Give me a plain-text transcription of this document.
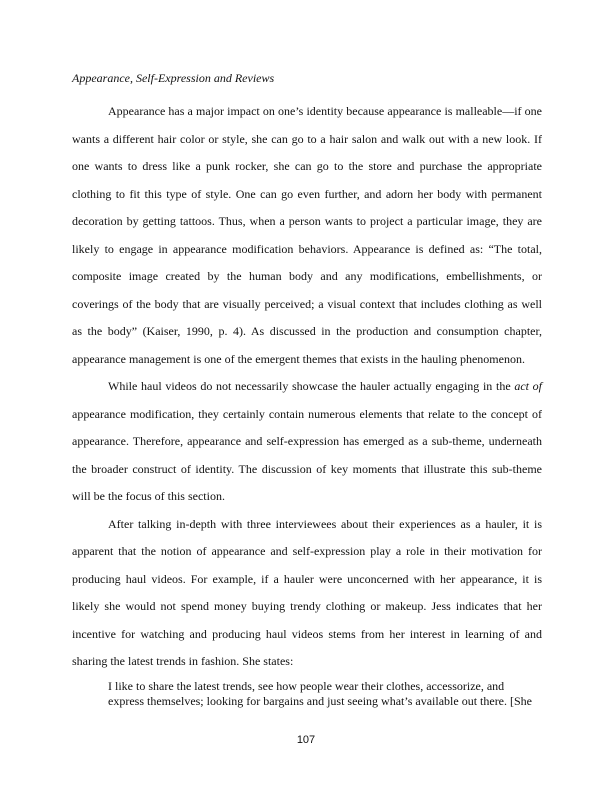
Appearance, Self-Expression and Reviews

Appearance has a major impact on one’s identity because appearance is malleable—if one wants a different hair color or style, she can go to a hair salon and walk out with a new look. If one wants to dress like a punk rocker, she can go to the store and purchase the appropriate clothing to fit this type of style. One can go even further, and adorn her body with permanent decoration by getting tattoos. Thus, when a person wants to project a particular image, they are likely to engage in appearance modification behaviors. Appearance is defined as: “The total, composite image created by the human body and any modifications, embellishments, or coverings of the body that are visually perceived; a visual context that includes clothing as well as the body” (Kaiser, 1990, p. 4). As discussed in the production and consumption chapter, appearance management is one of the emergent themes that exists in the hauling phenomenon.

While haul videos do not necessarily showcase the hauler actually engaging in the act of appearance modification, they certainly contain numerous elements that relate to the concept of appearance. Therefore, appearance and self-expression has emerged as a sub-theme, underneath the broader construct of identity. The discussion of key moments that illustrate this sub-theme will be the focus of this section.

After talking in-depth with three interviewees about their experiences as a hauler, it is apparent that the notion of appearance and self-expression play a role in their motivation for producing haul videos. For example, if a hauler were unconcerned with her appearance, it is likely she would not spend money buying trendy clothing or makeup. Jess indicates that her incentive for watching and producing haul videos stems from her interest in learning of and sharing the latest trends in fashion. She states:

I like to share the latest trends, see how people wear their clothes, accessorize, and express themselves; looking for bargains and just seeing what’s available out there. [She

107
